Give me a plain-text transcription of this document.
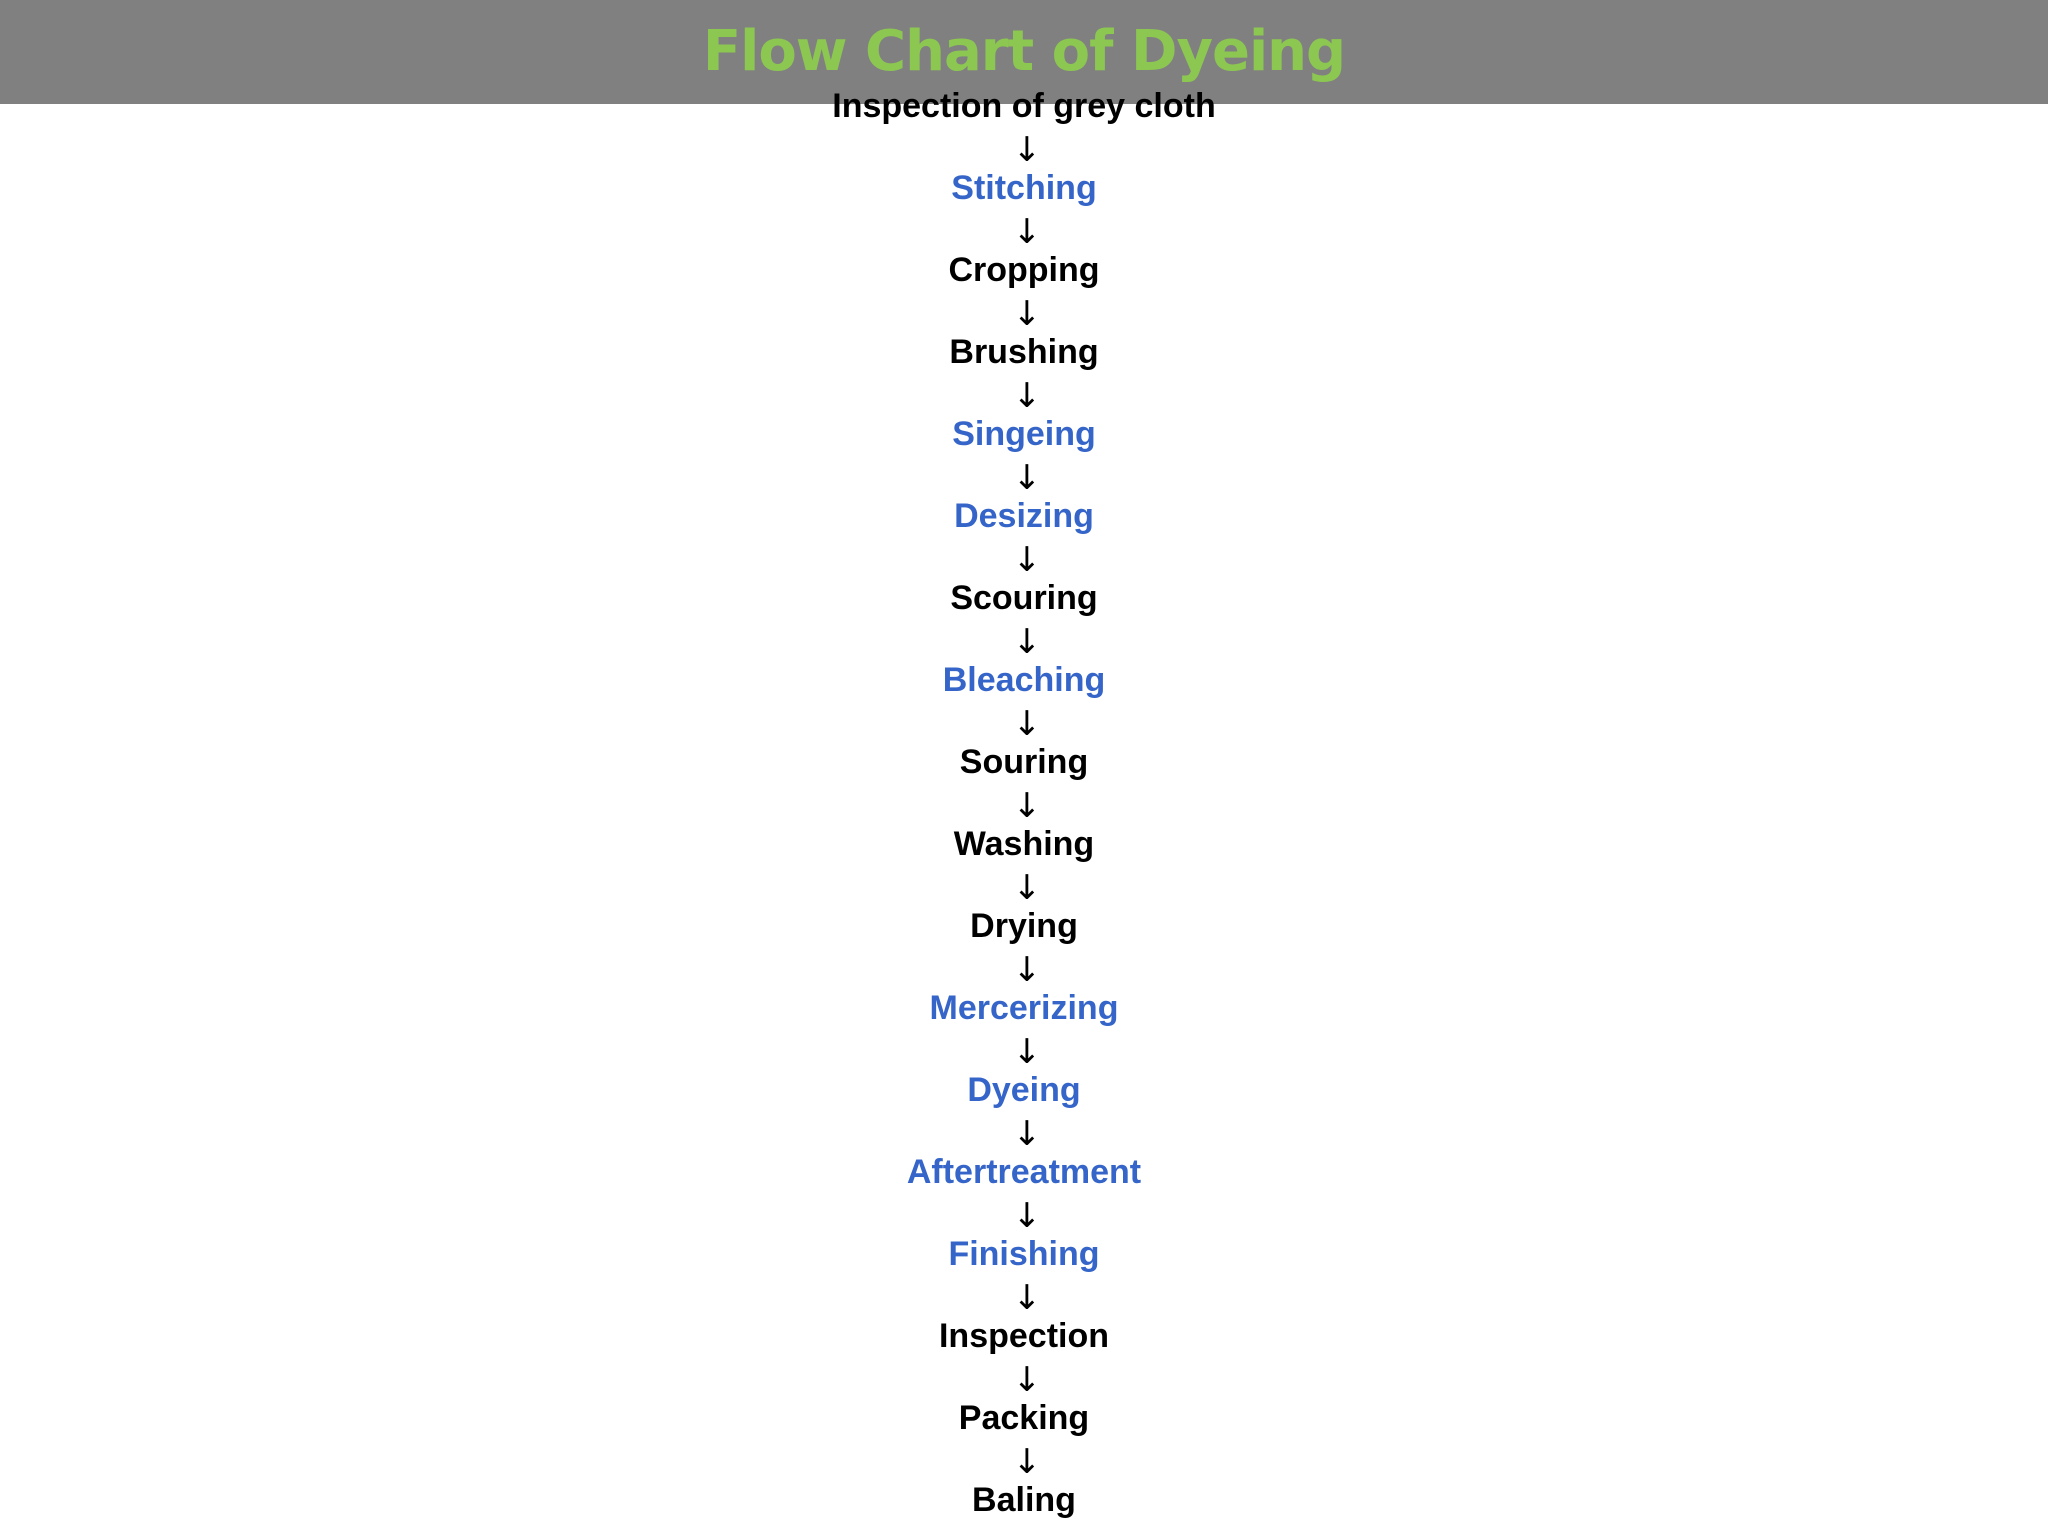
Flow Chart of Dyeing
Inspection of grey cloth
↓
Stitching
↓
Cropping
↓
Brushing
↓
Singeing
↓
Desizing
↓
Scouring
↓
Bleaching
↓
Souring
↓
Washing
↓
Drying
↓
Mercerizing
↓
Dyeing
↓
Aftertreatment
↓
Finishing
↓
Inspection
↓
Packing
↓
Baling
